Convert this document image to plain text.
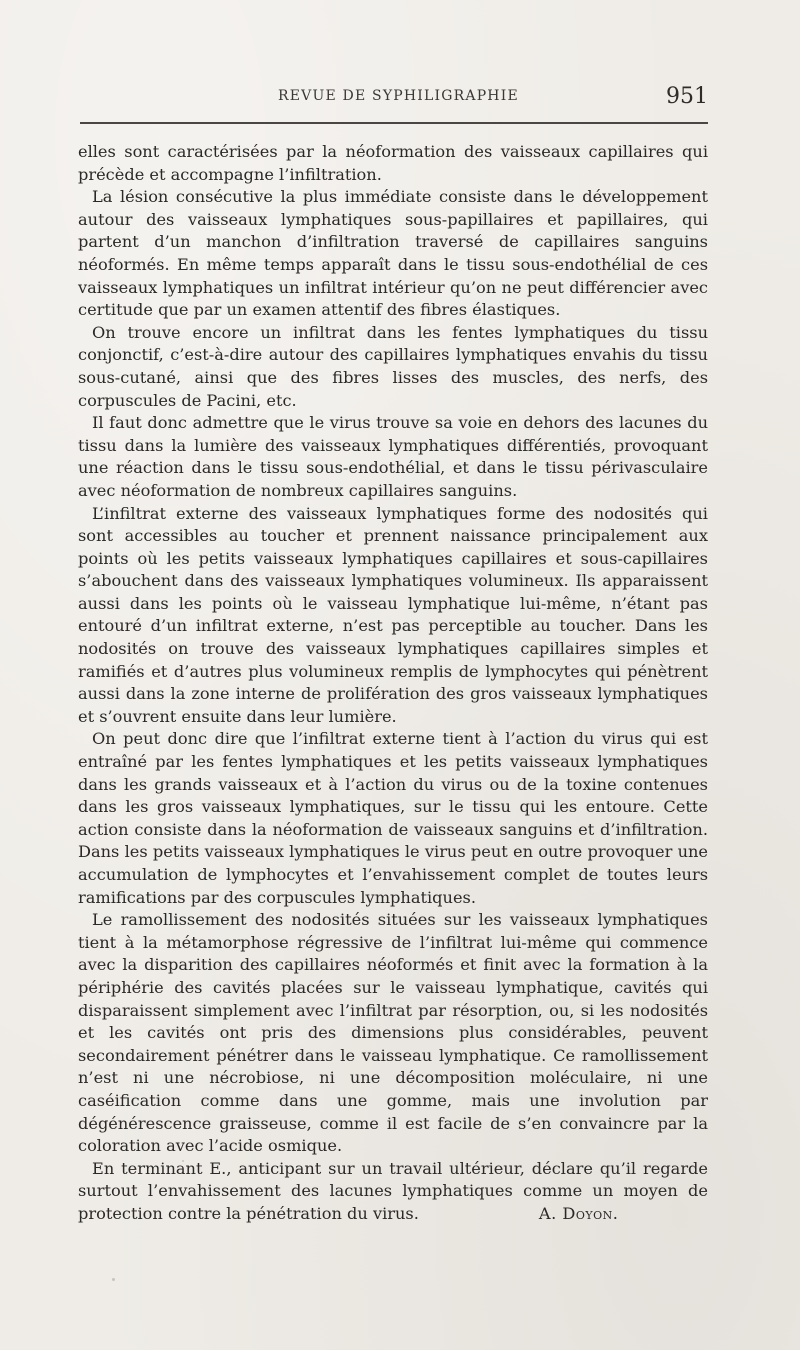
REVUE DE SYPHILIGRAPHIE	951

elles sont caractérisées par la néoformation des vaisseaux capillaires qui précède et accompagne l’infiltration.

La lésion consécutive la plus immédiate consiste dans le développement autour des vaisseaux lymphatiques sous-papillaires et papillaires, qui partent d’un manchon d’infiltration traversé de capillaires sanguins néoformés. En même temps apparaît dans le tissu sous-endothélial de ces vaisseaux lymphatiques un infiltrat intérieur qu’on ne peut différencier avec certitude que par un examen attentif des fibres élastiques.

On trouve encore un infiltrat dans les fentes lymphatiques du tissu conjonctif, c’est-à-dire autour des capillaires lymphatiques envahis du tissu sous-cutané, ainsi que des fibres lisses des muscles, des nerfs, des corpuscules de Pacini, etc.

Il faut donc admettre que le virus trouve sa voie en dehors des lacunes du tissu dans la lumière des vaisseaux lymphatiques différentiés, provoquant une réaction dans le tissu sous-endothélial, et dans le tissu périvasculaire avec néoformation de nombreux capillaires sanguins.

L’infiltrat externe des vaisseaux lymphatiques forme des nodosités qui sont accessibles au toucher et prennent naissance principalement aux points où les petits vaisseaux lymphatiques capillaires et sous-capillaires s’abouchent dans des vaisseaux lymphatiques volumineux. Ils apparaissent aussi dans les points où le vaisseau lymphatique lui-même, n’étant pas entouré d’un infiltrat externe, n’est pas perceptible au toucher. Dans les nodosités on trouve des vaisseaux lymphatiques capillaires simples et ramifiés et d’autres plus volumineux remplis de lymphocytes qui pénètrent aussi dans la zone interne de prolifération des gros vaisseaux lymphatiques et s’ouvrent ensuite dans leur lumière.

On peut donc dire que l’infiltrat externe tient à l’action du virus qui est entraîné par les fentes lymphatiques et les petits vaisseaux lymphatiques dans les grands vaisseaux et à l’action du virus ou de la toxine contenues dans les gros vaisseaux lymphatiques, sur le tissu qui les entoure. Cette action consiste dans la néoformation de vaisseaux sanguins et d’infiltration. Dans les petits vaisseaux lymphatiques le virus peut en outre provoquer une accumulation de lymphocytes et l’envahissement complet de toutes leurs ramifications par des corpuscules lymphatiques.

Le ramollissement des nodosités situées sur les vaisseaux lymphatiques tient à la métamorphose régressive de l’infiltrat lui-même qui commence avec la disparition des capillaires néoformés et finit avec la formation à la périphérie des cavités placées sur le vaisseau lymphatique, cavités qui disparaissent simplement avec l’infiltrat par résorption, ou, si les nodosités et les cavités ont pris des dimensions plus considérables, peuvent secondairement pénétrer dans le vaisseau lymphatique. Ce ramollissement n’est ni une nécrobiose, ni une décomposition moléculaire, ni une caséification comme dans une gomme, mais une involution par dégénérescence graisseuse, comme il est facile de s’en convaincre par la coloration avec l’acide osmique.

En terminant E., anticipant sur un travail ultérieur, déclare qu’il regarde surtout l’envahissement des lacunes lymphatiques comme un moyen de protection contre la pénétration du virus.	A. Doyon.
